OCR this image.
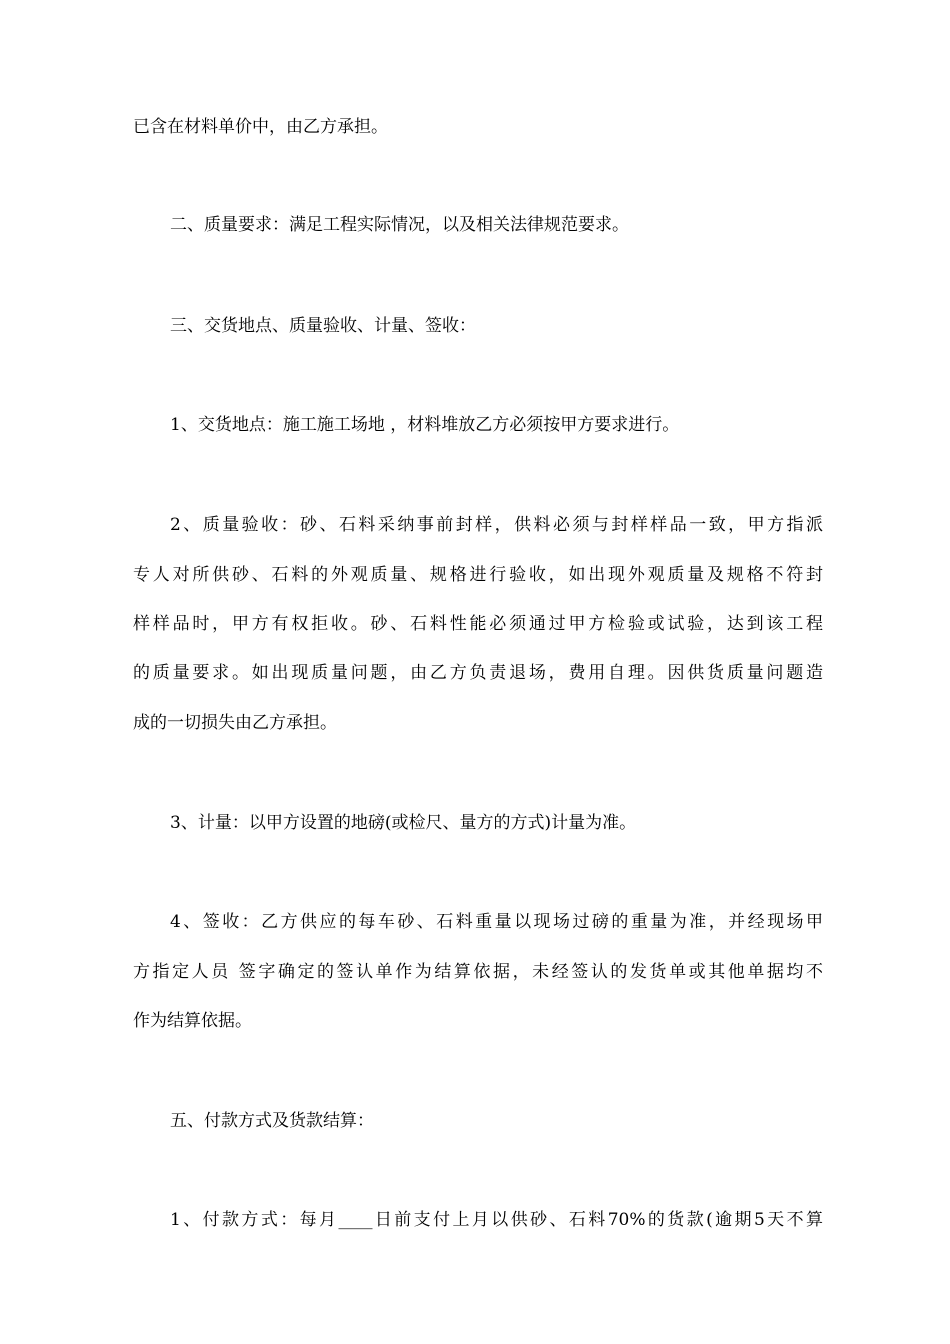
已含在材料单价中，由乙方承担。
二、质量要求：满足工程实际情况，以及相关法律规范要求。
三、交货地点、质量验收、计量、签收：
1、交货地点：施工施工场地 ，材料堆放乙方必须按甲方要求进行。
2、质量验收：砂、石料采纳事前封样，供料必须与封样样品一致，甲方指派
专人对所供砂、石料的外观质量、规格进行验收，如出现外观质量及规格不符封
样样品时，甲方有权拒收。砂、石料性能必须通过甲方检验或试验，达到该工程
的质量要求。如出现质量问题，由乙方负责退场，费用自理。因供货质量问题造
成的一切损失由乙方承担。
3、计量：以甲方设置的地磅(或检尺、量方的方式)计量为准。
4、签收：乙方供应的每车砂、石料重量以现场过磅的重量为准，并经现场甲
方指定人员 签字确定的签认单作为结算依据，未经签认的发货单或其他单据均不
作为结算依据。
五、付款方式及货款结算：
1、付款方式：每月____日前支付上月以供砂、石料70%的货款(逾期5天不算
